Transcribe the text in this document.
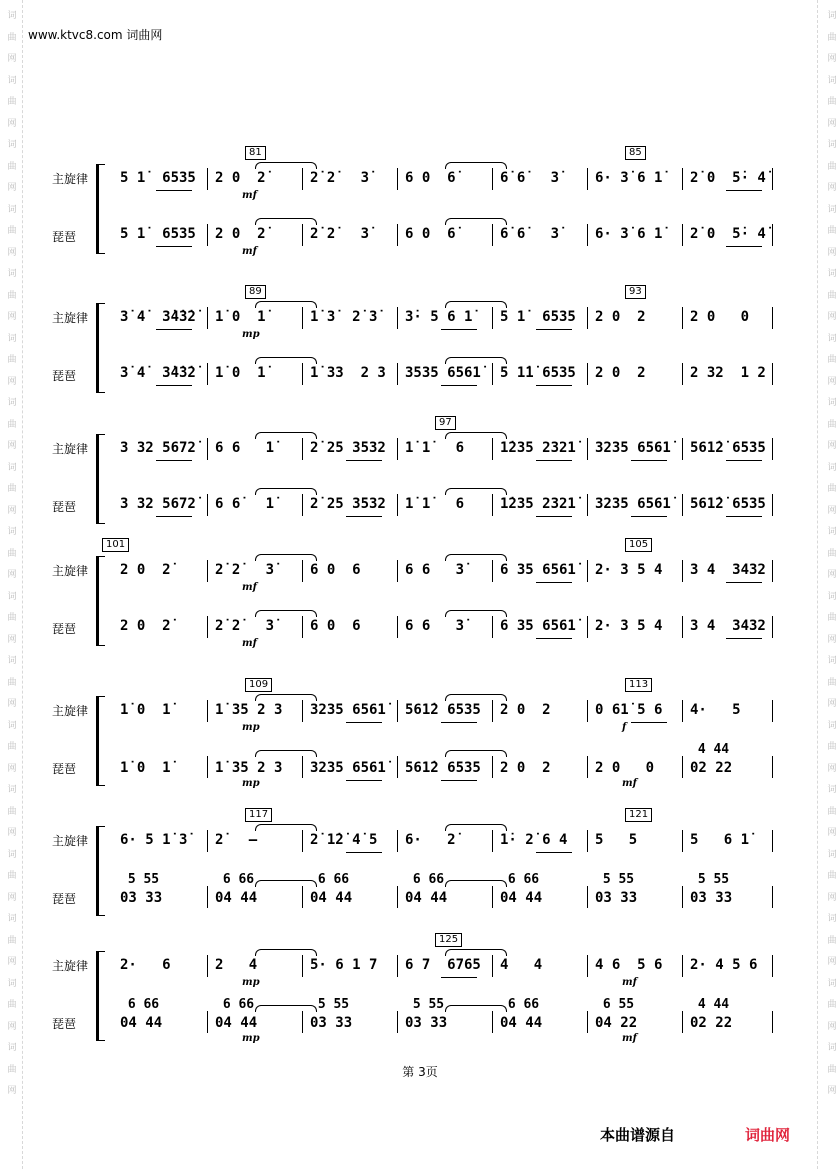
词
曲
网
词
曲
网
词
曲
网
词
曲
网
词
曲
网
词
曲
网
词
曲
网
词
曲
网
词
曲
网
词
曲
网
词
曲
网
词
曲
网
词
曲
网
词
曲
网
词
曲
网
词
曲
网
词
曲
网
词
曲
网
词
曲
网
词
曲
网
词
曲
网
词
曲
网
词
曲
网
词
曲
网
词
曲
网
词
曲
网
词
曲
网
词
曲
网
词
曲
网
词
曲
网
词
曲
网
词
曲
网
词
曲
网
词
曲
网
www.ktvc8.com 词曲网
主旋律
琵琶
81	85
5 1̇  6535	2 0  2̇	2̇ 2̇   3̇	6 0  6̇	6̇ 6̇   3̇	6· 3̇ 6 1̇	2̇ 0  5̇· 4̇
5 1̇  6535	2 0  2̇	2̇ 2̇   3̇	6 0  6̇	6̇ 6̇   3̇	6· 3̇ 6 1̇	2̇ 0  5̇· 4̇
mf
mf
主旋律
琵琶
89	93
3̇ 4̇  3̇4̇3̇2̇	1̇ 0  1̇	1̇ 3̇  2̇ 3̇	3̇· 5 6 1̇	5 1̇  6535	2 0  2	2 0   0
3̇ 4̇  3̇4̇3̇2̇	1̇ 0  1̇	1̇ 33  2 3	3535 6561̇	5 1̇1̇ 6535	2 0  2	2 32  1 2
mp
主旋律
琵琶
97
3 32 5672̇	6 6   1̇	2̇ 25 3532	1̇ 1̇   6	1̇235 2321̇	3235 6561̇	561̇2̇ 6535
3 32 5672̇	6 6̇   1̇	2̇ 25 3532	1̇ 1̇   6	1̇235 2321̇	3235 6561̇	561̇2̇ 6535
主旋律
琵琶
101	105
2 0  2̇	2̇ 2̇   3̇	6 0  6	6 6   3̇	6 35 6561̇	2· 3 5 4	3 4  3432
2 0  2̇	2̇ 2̇   3̇	6 0  6	6 6   3̇	6 35 6561̇	2· 3 5 4	3 4  3432
mf
mf
主旋律
琵琶
109	113
1̇ 0  1̇	1̇ 35 2 3	3235 6561̇	561̇2 6535	2 0  2	0 61̇ 5 6	4·   5
4 44
1̇ 0  1̇	1̇ 35 2 3	3235 6561̇	561̇2 6535	2 0  2	2 0   0	02 22
mp
mp
f
mf
主旋律
琵琶
117	121
6· 5 1̇ 3̇	2̇   –	2̇ 1̇2̇ 4̇ 5	6·   2̇	1̇· 2̇ 6 4	5   5	5   6 1̇
5 55	6 66	6 66	6 66	6 66	5 55	5 55
03 33	04 44	04 44	04 44	04 44	03 33	03 33
主旋律
琵琶
125
2·   6	2   4	5· 6 1 7	6 7  6765	4   4	4 6  5 6	2· 4 5 6
6 66	6 66	5 55	5 55	6 66	6 55	4 44
04 44	04 44	03 33	03 33	04 44	04 22	02 22
mp
mp
mf
mf
第 3页
本曲谱源自	词曲网
